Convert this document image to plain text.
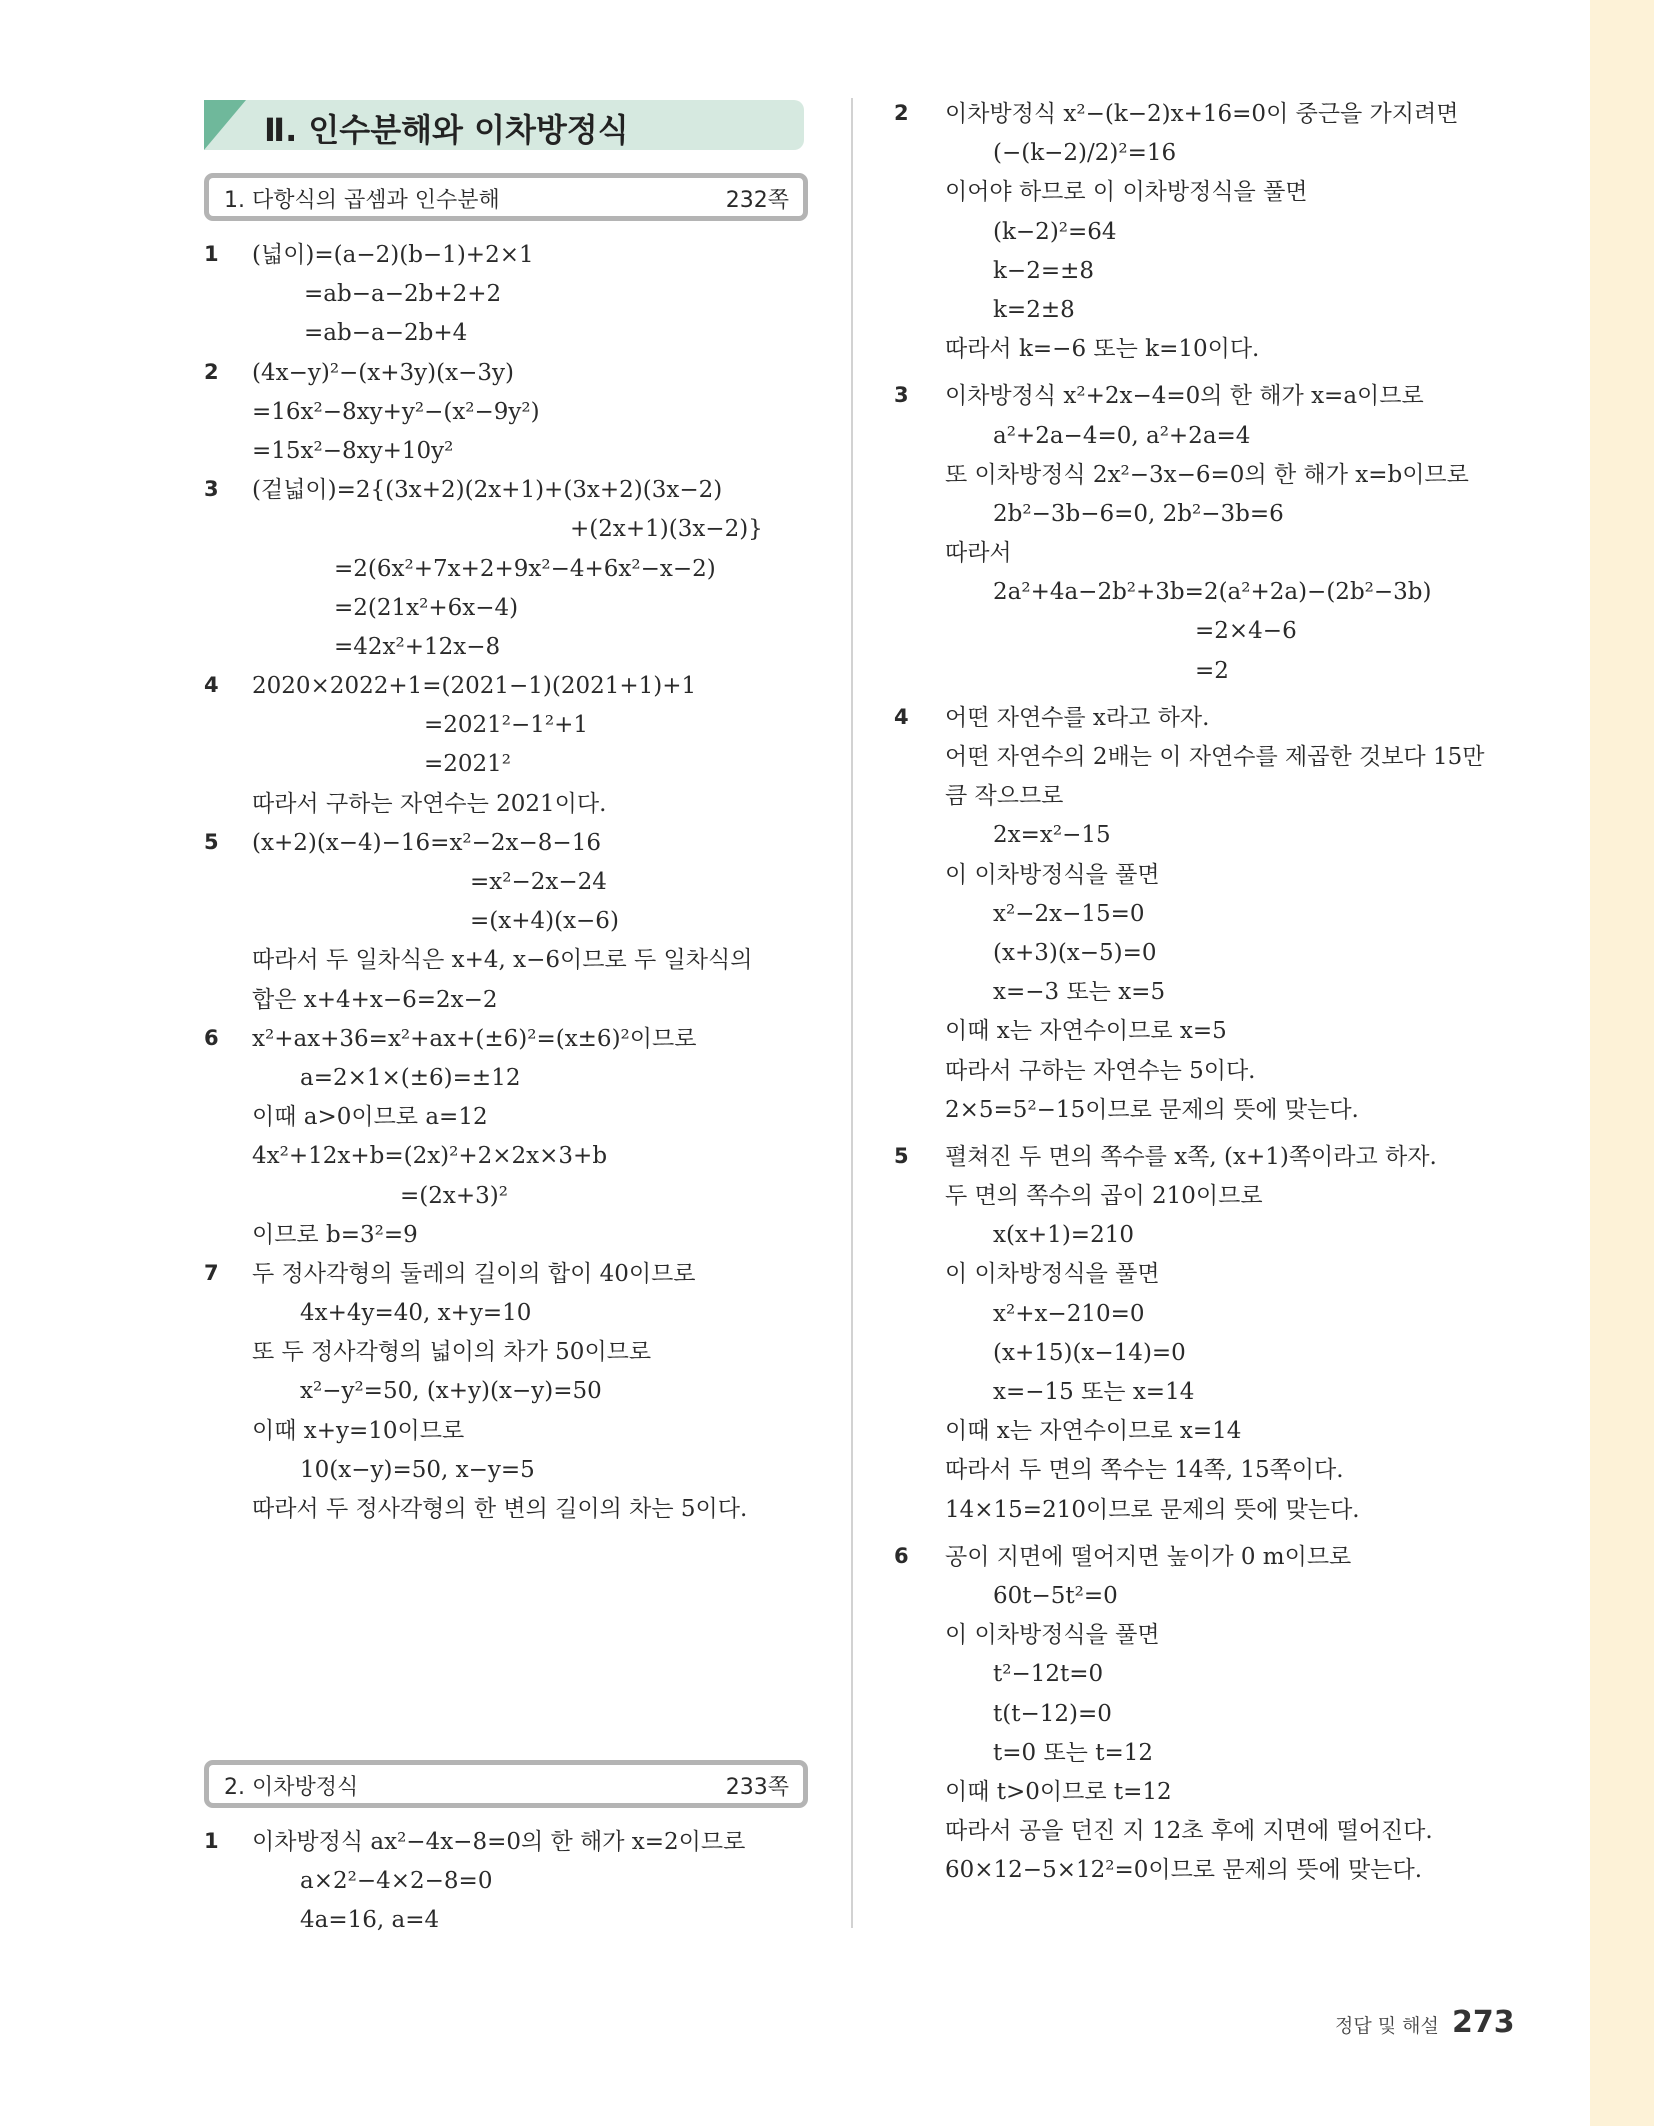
Ⅱ. 인수분해와 이차방정식
1. 다항식의 곱셈과 인수분해	232쪽
2. 이차방정식	233쪽
1 (넓이)=(a−2)(b−1)+2×1
=ab−a−2b+2+2
=ab−a−2b+4
2 (4x−y)²−(x+3y)(x−3y)
=16x²−8xy+y²−(x²−9y²)
=15x²−8xy+10y²
3 (겉넓이)=2{(3x+2)(2x+1)+(3x+2)(3x−2)
+(2x+1)(3x−2)}
=2(6x²+7x+2+9x²−4+6x²−x−2)
=2(21x²+6x−4)
=42x²+12x−8
4 2020×2022+1=(2021−1)(2021+1)+1
=2021²−1²+1
=2021²
따라서 구하는 자연수는 2021이다.
5 (x+2)(x−4)−16=x²−2x−8−16
=x²−2x−24
=(x+4)(x−6)
따라서 두 일차식은 x+4, x−6이므로 두 일차식의
합은 x+4+x−6=2x−2
6 x²+ax+36=x²+ax+(±6)²=(x±6)²이므로
a=2×1×(±6)=±12
이때 a>0이므로 a=12
4x²+12x+b=(2x)²+2×2x×3+b
=(2x+3)²
이므로 b=3²=9
7 두 정사각형의 둘레의 길이의 합이 40이므로
4x+4y=40, x+y=10
또 두 정사각형의 넓이의 차가 50이므로
x²−y²=50, (x+y)(x−y)=50
이때 x+y=10이므로
10(x−y)=50, x−y=5
따라서 두 정사각형의 한 변의 길이의 차는 5이다.
1 이차방정식 ax²−4x−8=0의 한 해가 x=2이므로
a×2²−4×2−8=0
4a=16, a=4
2 이차방정식 x²−(k−2)x+16=0이 중근을 가지려면
(−(k−2)/2)²=16
이어야 하므로 이 이차방정식을 풀면
(k−2)²=64
k−2=±8
k=2±8
따라서 k=−6 또는 k=10이다.
3 이차방정식 x²+2x−4=0의 한 해가 x=a이므로
a²+2a−4=0, a²+2a=4
또 이차방정식 2x²−3x−6=0의 한 해가 x=b이므로
2b²−3b−6=0, 2b²−3b=6
따라서
2a²+4a−2b²+3b=2(a²+2a)−(2b²−3b)
=2×4−6
=2
4 어떤 자연수를 x라고 하자.
어떤 자연수의 2배는 이 자연수를 제곱한 것보다 15만
큼 작으므로
2x=x²−15
이 이차방정식을 풀면
x²−2x−15=0
(x+3)(x−5)=0
x=−3 또는 x=5
이때 x는 자연수이므로 x=5
따라서 구하는 자연수는 5이다.
2×5=5²−15이므로 문제의 뜻에 맞는다.
5 펼쳐진 두 면의 쪽수를 x쪽, (x+1)쪽이라고 하자.
두 면의 쪽수의 곱이 210이므로
x(x+1)=210
이 이차방정식을 풀면
x²+x−210=0
(x+15)(x−14)=0
x=−15 또는 x=14
이때 x는 자연수이므로 x=14
따라서 두 면의 쪽수는 14쪽, 15쪽이다.
14×15=210이므로 문제의 뜻에 맞는다.
6 공이 지면에 떨어지면 높이가 0 m이므로
60t−5t²=0
이 이차방정식을 풀면
t²−12t=0
t(t−12)=0
t=0 또는 t=12
이때 t>0이므로 t=12
따라서 공을 던진 지 12초 후에 지면에 떨어진다.
60×12−5×12²=0이므로 문제의 뜻에 맞는다.
정답 및 해설 273
